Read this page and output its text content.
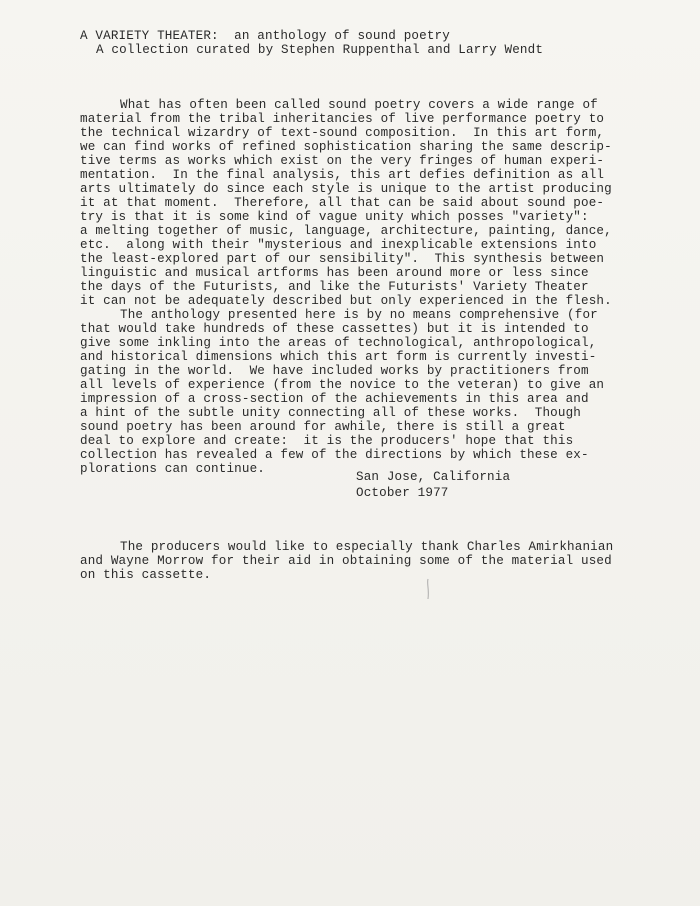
A VARIETY THEATER:  an anthology of sound poetry
A collection curated by Stephen Ruppenthal and Larry Wendt
What has often been called sound poetry covers a wide range of
material from the tribal inheritancies of live performance poetry to
the technical wizardry of text-sound composition.  In this art form,
we can find works of refined sophistication sharing the same descrip-
tive terms as works which exist on the very fringes of human experi-
mentation.  In the final analysis, this art defies definition as all
arts ultimately do since each style is unique to the artist producing
it at that moment.  Therefore, all that can be said about sound poe-
try is that it is some kind of vague unity which posses "variety":
a melting together of music, language, architecture, painting, dance,
etc.  along with their "mysterious and inexplicable extensions into
the least-explored part of our sensibility".  This synthesis between
linguistic and musical artforms has been around more or less since
the days of the Futurists, and like the Futurists' Variety Theater
it can not be adequately described but only experienced in the flesh.
The anthology presented here is by no means comprehensive (for
that would take hundreds of these cassettes) but it is intended to
give some inkling into the areas of technological, anthropological,
and historical dimensions which this art form is currently investi-
gating in the world.  We have included works by practitioners from
all levels of experience (from the novice to the veteran) to give an
impression of a cross-section of the achievements in this area and
a hint of the subtle unity connecting all of these works.  Though
sound poetry has been around for awhile, there is still a great
deal to explore and create:  it is the producers' hope that this
collection has revealed a few of the directions by which these ex-
plorations can continue.
San Jose, California
October 1977
The producers would like to especially thank Charles Amirkhanian
and Wayne Morrow for their aid in obtaining some of the material used
on this cassette.
